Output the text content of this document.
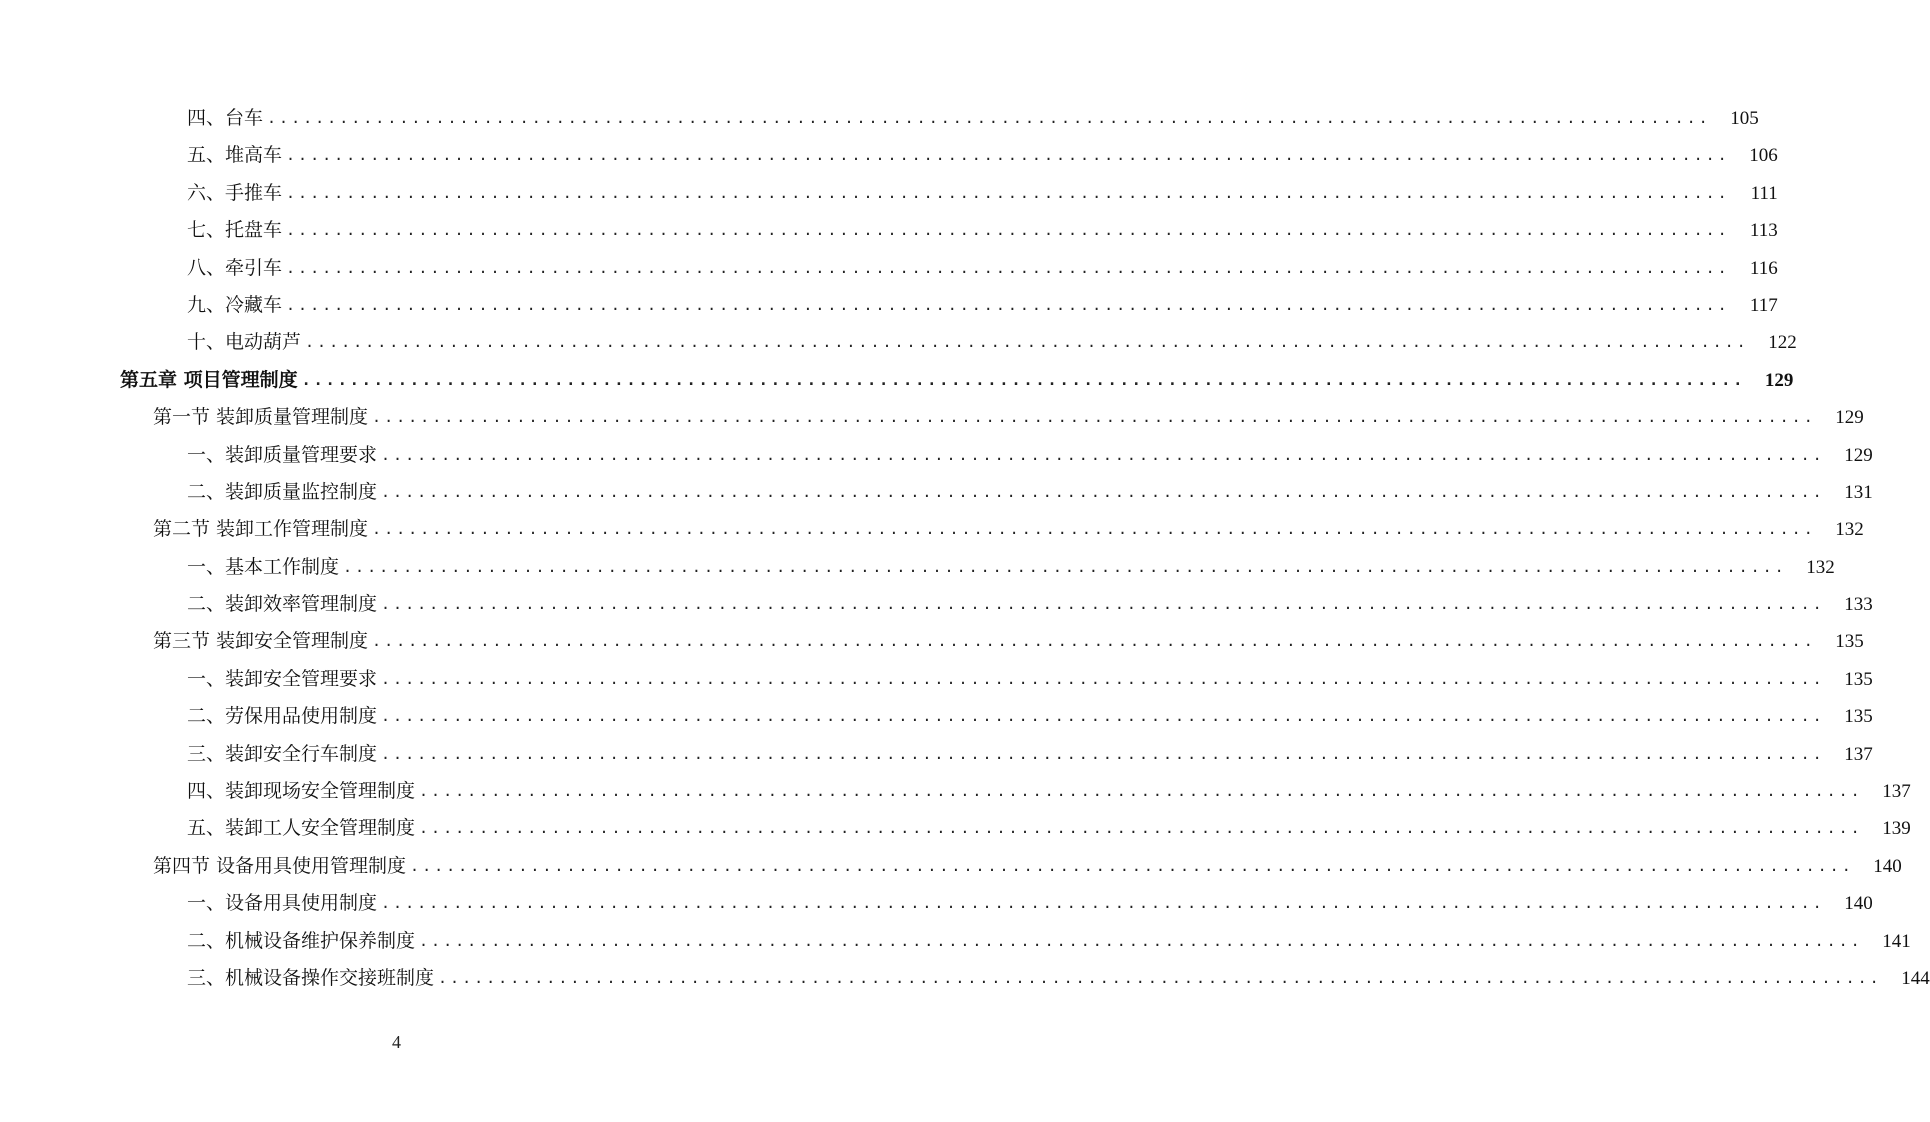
四、台车 ........................................................................................................................	105
五、堆高车 ........................................................................................................................	106
六、手推车 ........................................................................................................................	111
七、托盘车 ........................................................................................................................	113
八、牵引车 ........................................................................................................................	116
九、冷藏车 ........................................................................................................................	117
十、电动葫芦 ........................................................................................................................	122
第五章 项目管理制度 ........................................................................................................................	129
第一节 装卸质量管理制度 ........................................................................................................................	129
一、装卸质量管理要求 ........................................................................................................................	129
二、装卸质量监控制度 ........................................................................................................................	131
第二节 装卸工作管理制度 ........................................................................................................................	132
一、基本工作制度 ........................................................................................................................	132
二、装卸效率管理制度 ........................................................................................................................	133
第三节 装卸安全管理制度 ........................................................................................................................	135
一、装卸安全管理要求 ........................................................................................................................	135
二、劳保用品使用制度 ........................................................................................................................	135
三、装卸安全行车制度 ........................................................................................................................	137
四、装卸现场安全管理制度 ........................................................................................................................	137
五、装卸工人安全管理制度 ........................................................................................................................	139
第四节 设备用具使用管理制度 ........................................................................................................................	140
一、设备用具使用制度 ........................................................................................................................	140
二、机械设备维护保养制度 ........................................................................................................................	141
三、机械设备操作交接班制度 ........................................................................................................................	144
4
